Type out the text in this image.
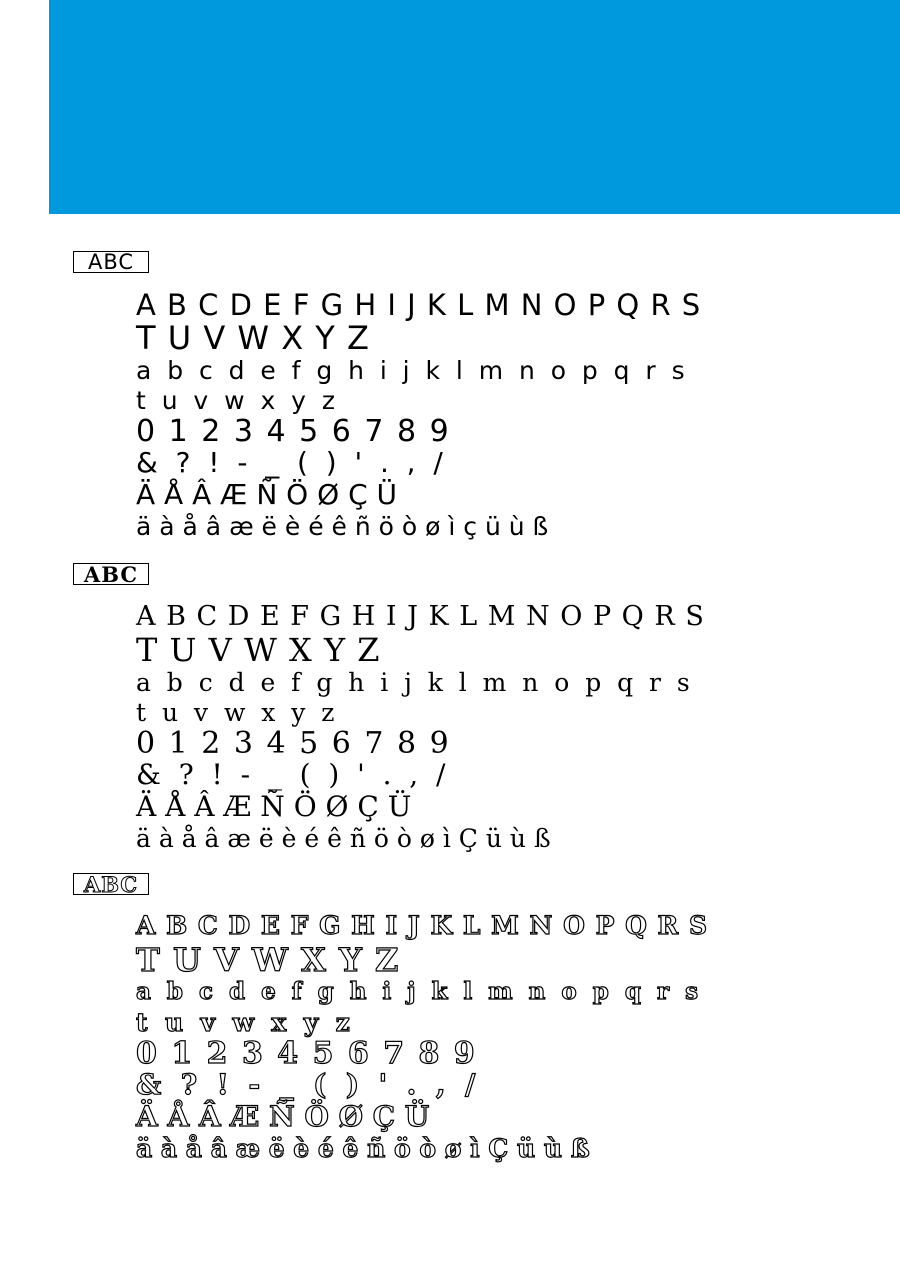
ABC
A B C D E F G H I J K L M N O P Q R S
T U V W X Y Z
a  b  c  d  e  f  g  h  i  j  k  l  m  n  o  p  q  r  s
t  u  v  w  x  y  z
0 1 2 3 4 5 6 7 8 9
&  ?  !  -  _  (  )  '  .  ,  /
Ä Å Â Æ Ñ Ö Ø Ç Ü
ä à å â æ ë è é ê ñ ö ò ø ì ç ü ù ß
ABC
A B C D E F G H I J K L M N O P Q R S
T U V W X Y Z
a  b  c  d  e  f  g  h  i  j  k  l  m  n  o  p  q  r  s
t  u  v  w  x  y  z
0 1 2 3 4 5 6 7 8 9
&  ?  !  -  _  (  )  '  .  ,  /
Ä Å Â Æ Ñ Ö Ø Ç Ü
ä à å â æ ë è é ê ñ ö ò ø ì Ç ü ù ß
ABC
A B C D E F G H I J K L M N O P Q R S
T U V W X Y Z
a  b  c  d  e  f  g  h  i  j  k  l  m  n  o  p  q  r  s
t  u  v  w  x  y  z
0 1 2 3 4 5 6 7 8 9
&  ?  !  -  _  (  )  '  .  ,  /
Ä Å Â Æ Ñ Ö Ø Ç Ü
ä à å â æ ë è é ê ñ ö ò ø ì Ç ü ù ß
